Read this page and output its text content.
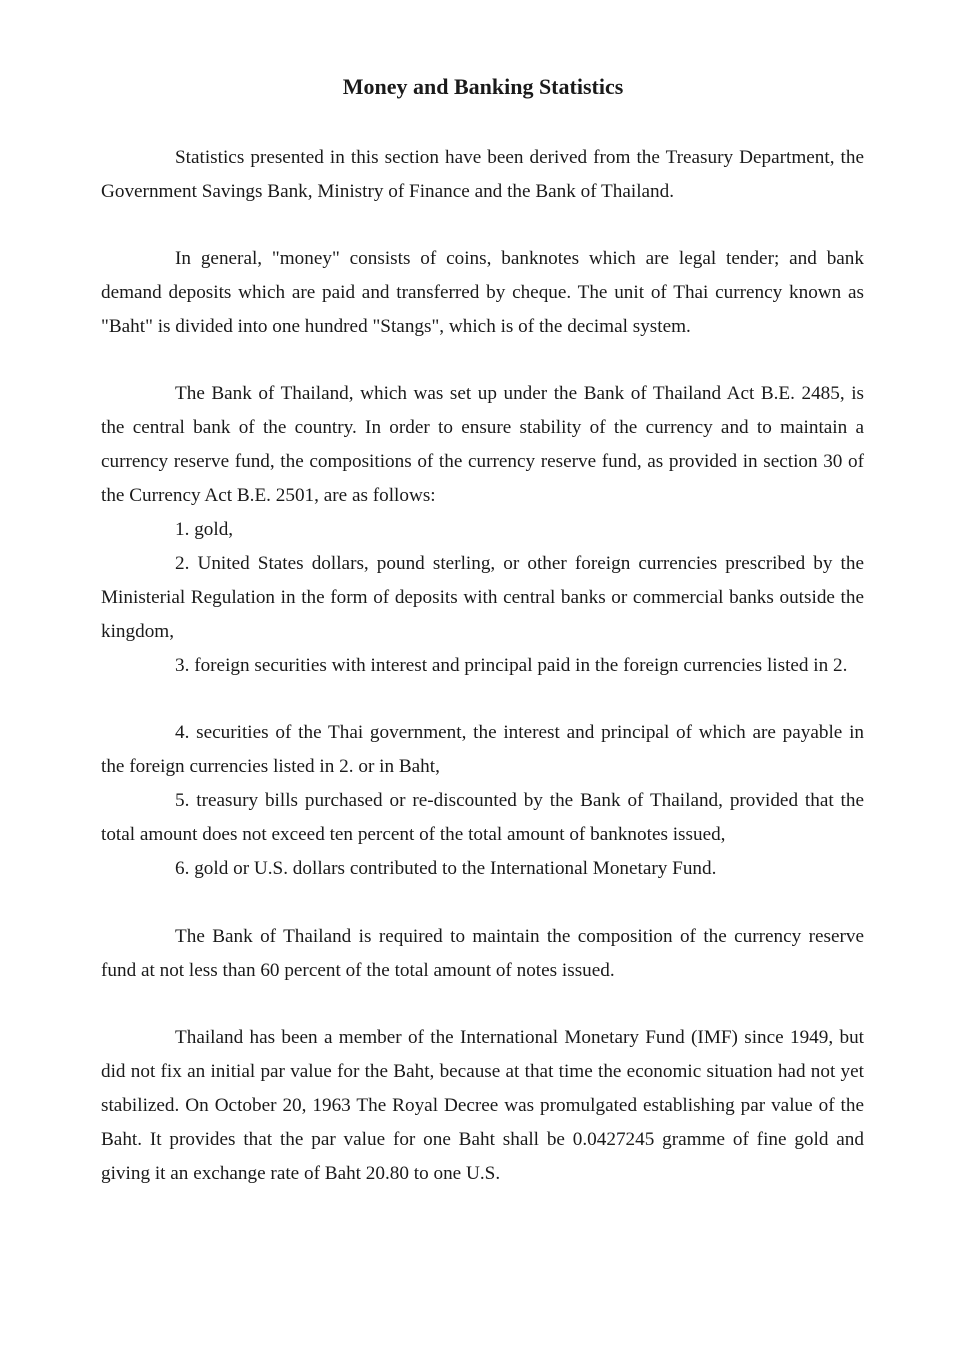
Money and Banking Statistics

Statistics presented in this section have been derived from the Treasury Department, the Government Savings Bank, Ministry of Finance and the Bank of Thailand.

In general, "money" consists of coins, banknotes which are legal tender; and bank demand deposits which are paid and transferred by cheque. The unit of Thai currency known as "Baht" is divided into one hundred "Stangs", which is of the decimal system.

The Bank of Thailand, which was set up under the Bank of Thailand Act B.E. 2485, is the central bank of the country. In order to ensure stability of the currency and to maintain a currency reserve fund, the compositions of the currency reserve fund, as provided in section 30 of the Currency Act B.E. 2501, are as follows:

1. gold,

2. United States dollars, pound sterling, or other foreign currencies prescribed by the Ministerial Regulation in the form of deposits with central banks or commercial banks outside the kingdom,

3. foreign securities with interest and principal paid in the foreign currencies listed in 2.

4. securities of the Thai government, the interest and principal of which are payable in the foreign currencies listed in 2. or in Baht,

5. treasury bills purchased or re-discounted by the Bank of Thailand, provided that the total amount does not exceed ten percent of the total amount of banknotes issued,

6. gold or U.S. dollars contributed to the International Monetary Fund.

The Bank of Thailand is required to maintain the composition of the currency reserve fund at not less than 60 percent of the total amount of notes issued.

Thailand has been a member of the International Monetary Fund (IMF) since 1949, but did not fix an initial par value for the Baht, because at that time the economic situation had not yet stabilized. On October 20, 1963 The Royal Decree was promulgated establishing par value of the Baht. It provides that the par value for one Baht shall be 0.0427245 gramme of fine gold and giving it an exchange rate of Baht 20.80 to one U.S.
